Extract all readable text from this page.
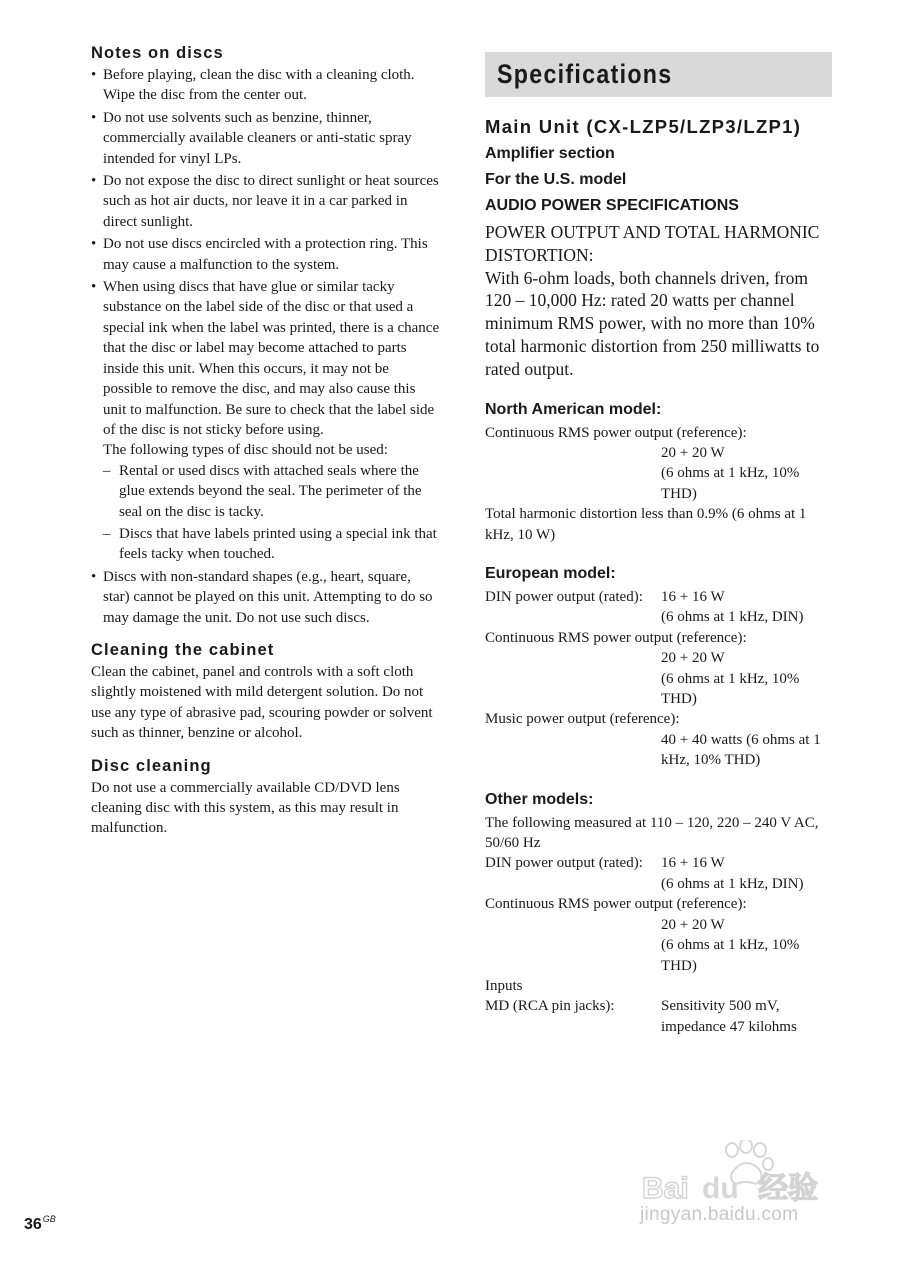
Notes on discs
• Before playing, clean the disc with a cleaning cloth. Wipe the disc from the center out.
• Do not use solvents such as benzine, thinner, commercially available cleaners or anti-static spray intended for vinyl LPs.
• Do not expose the disc to direct sunlight or heat sources such as hot air ducts, nor leave it in a car parked in direct sunlight.
• Do not use discs encircled with a protection ring. This may cause a malfunction to the system.
• When using discs that have glue or similar tacky substance on the label side of the disc or that used a special ink when the label was printed, there is a chance that the disc or label may become attached to parts inside this unit. When this occurs, it may not be possible to remove the disc, and may also cause this unit to malfunction. Be sure to check that the label side of the disc is not sticky before using.
The following types of disc should not be used:
– Rental or used discs with attached seals where the glue extends beyond the seal. The perimeter of the seal on the disc is tacky.
– Discs that have labels printed using a special ink that feels tacky when touched.
• Discs with non-standard shapes (e.g., heart, square, star) cannot be played on this unit. Attempting to do so may damage the unit. Do not use such discs.
Cleaning the cabinet
Clean the cabinet, panel and controls with a soft cloth slightly moistened with mild detergent solution. Do not use any type of abrasive pad, scouring powder or solvent such as thinner, benzine or alcohol.
Disc cleaning
Do not use a commercially available CD/DVD lens cleaning disc with this system, as this may result in malfunction.
Specifications
Main Unit (CX-LZP5/LZP3/LZP1)
Amplifier section
For the U.S. model
AUDIO POWER SPECIFICATIONS
POWER OUTPUT AND TOTAL HARMONIC DISTORTION:
With 6-ohm loads, both channels driven, from 120 – 10,000 Hz: rated 20 watts per channel minimum RMS power, with no more than 10% total harmonic distortion from 250 milliwatts to rated output.
North American model:
Continuous RMS power output (reference):
20 + 20 W
(6 ohms at 1 kHz, 10% THD)
Total harmonic distortion less than 0.9% (6 ohms at 1 kHz, 10 W)
European model:
DIN power output (rated):	16 + 16 W
(6 ohms at 1 kHz, DIN)
Continuous RMS power output (reference):
20 + 20 W
(6 ohms at 1 kHz, 10% THD)
Music power output (reference):
40 + 40 watts (6 ohms at 1 kHz, 10% THD)
Other models:
The following measured at 110 – 120, 220 – 240 V AC, 50/60 Hz
DIN power output (rated):	16 + 16 W
(6 ohms at 1 kHz, DIN)
Continuous RMS power output (reference):
20 + 20 W
(6 ohms at 1 kHz, 10% THD)
Inputs
MD (RCA pin jacks):	Sensitivity 500 mV, impedance 47 kilohms
$36^{GB}$
Bai du 经验
jingyan.baidu.com
